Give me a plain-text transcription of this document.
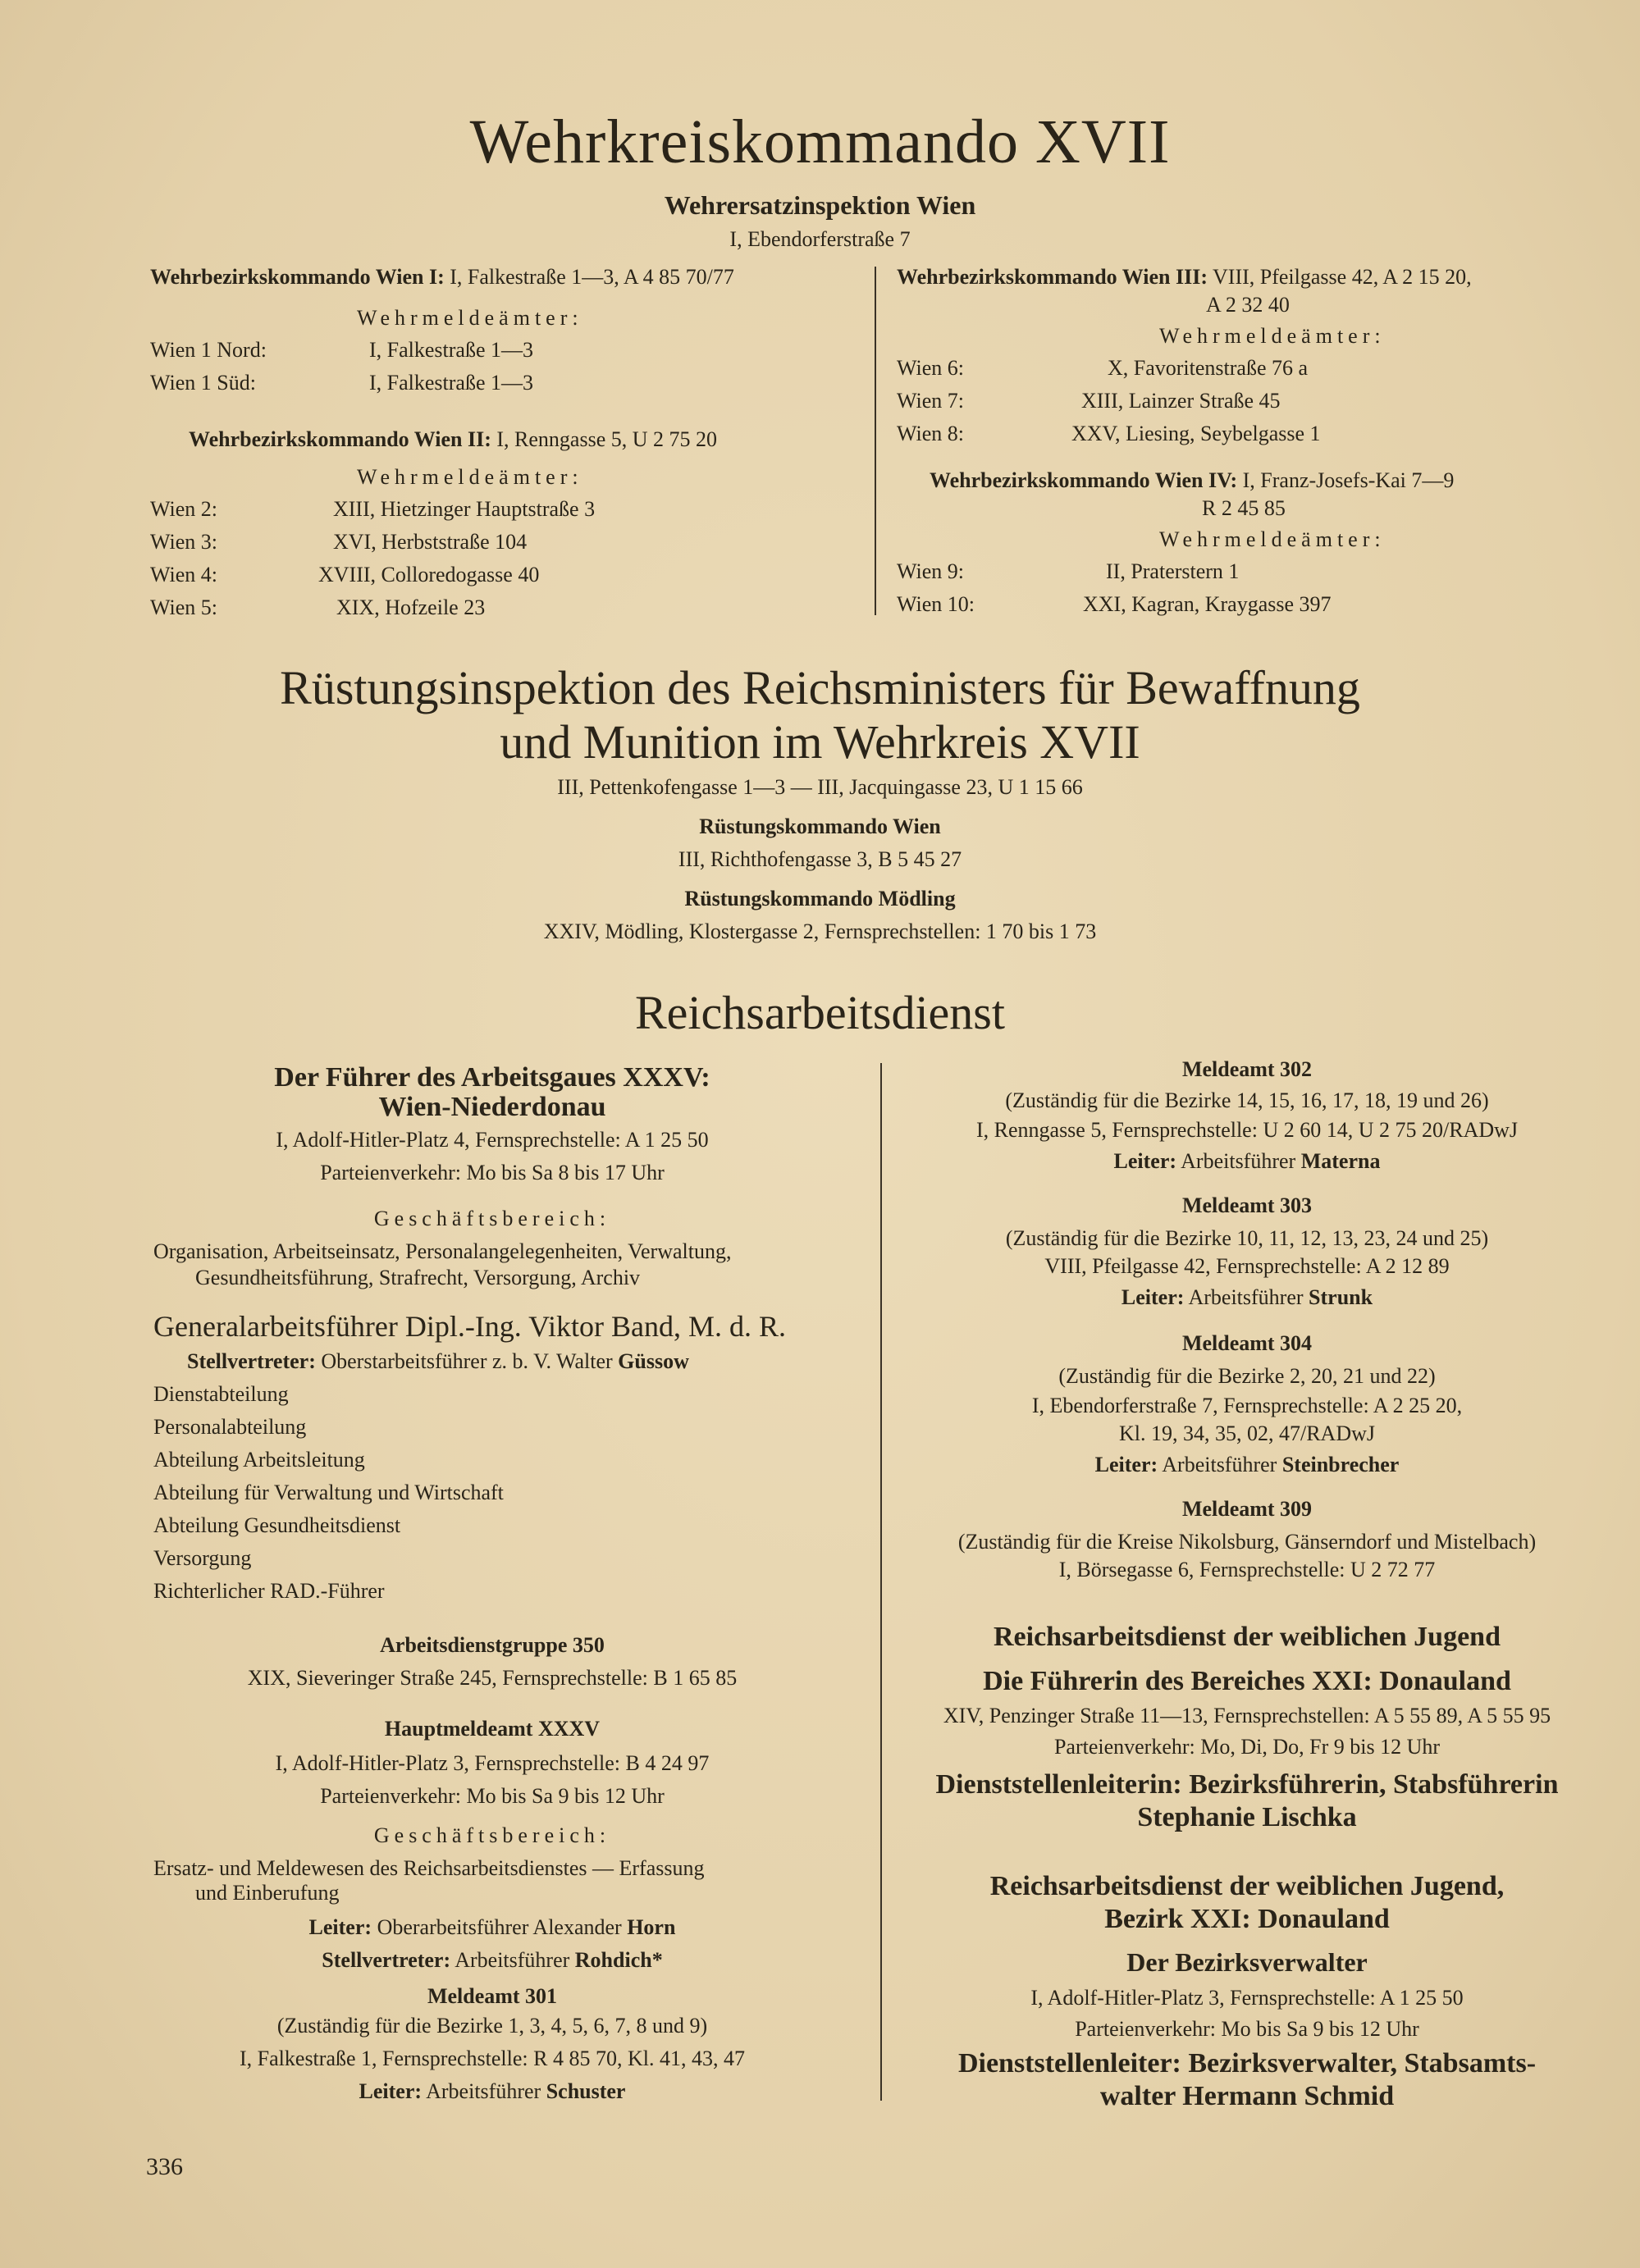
Wehrkreiskommando XVII
Wehrersatzinspektion Wien
I, Ebendorferstraße 7
Wehrbezirkskommando Wien I: I, Falkestraße 1—3, A 4 85 70/77
Wehrmeldeämter:
Wien 1 Nord:	I, Falkestraße 1—3
Wien 1 Süd:	I, Falkestraße 1—3
Wehrbezirkskommando Wien II: I, Renngasse 5, U 2 75 20
Wehrmeldeämter:
Wien 2:	XIII, Hietzinger Hauptstraße 3
Wien 3:	XVI, Herbststraße 104
Wien 4:	XVIII, Colloredogasse 40
Wien 5:	XIX, Hofzeile 23
Wehrbezirkskommando Wien III: VIII, Pfeilgasse 42, A 2 15 20,
A 2 32 40
Wehrmeldeämter:
Wien 6:	X, Favoritenstraße 76 a
Wien 7:	XIII, Lainzer Straße 45
Wien 8:	XXV, Liesing, Seybelgasse 1
Wehrbezirkskommando Wien IV: I, Franz-Josefs-Kai 7—9
R 2 45 85
Wehrmeldeämter:
Wien 9:	II, Praterstern 1
Wien 10:	XXI, Kagran, Kraygasse 397
Rüstungsinspektion des Reichsministers für Bewaffnung
und Munition im Wehrkreis XVII
III, Pettenkofengasse 1—3 — III, Jacquingasse 23, U 1 15 66
Rüstungskommando Wien
III, Richthofengasse 3, B 5 45 27
Rüstungskommando Mödling
XXIV, Mödling, Klostergasse 2, Fernsprechstellen: 1 70 bis 1 73
Reichsarbeitsdienst
Der Führer des Arbeitsgaues XXXV:
Wien-Niederdonau
I, Adolf-Hitler-Platz 4, Fernsprechstelle: A 1 25 50
Parteienverkehr: Mo bis Sa 8 bis 17 Uhr
Geschäftsbereich:
Organisation, Arbeitseinsatz, Personalangelegenheiten, Verwaltung,
Gesundheitsführung, Strafrecht, Versorgung, Archiv
Generalarbeitsführer Dipl.-Ing. Viktor Band, M. d. R.
Stellvertreter: Oberstarbeitsführer z. b. V. Walter Güssow
Dienstabteilung
Personalabteilung
Abteilung Arbeitsleitung
Abteilung für Verwaltung und Wirtschaft
Abteilung Gesundheitsdienst
Versorgung
Richterlicher RAD.-Führer
Arbeitsdienstgruppe 350
XIX, Sieveringer Straße 245, Fernsprechstelle: B 1 65 85
Hauptmeldeamt XXXV
I, Adolf-Hitler-Platz 3, Fernsprechstelle: B 4 24 97
Parteienverkehr: Mo bis Sa 9 bis 12 Uhr
Geschäftsbereich:
Ersatz- und Meldewesen des Reichsarbeitsdienstes — Erfassung
und Einberufung
Leiter: Oberarbeitsführer Alexander Horn
Stellvertreter: Arbeitsführer Rohdich*
Meldeamt 301
(Zuständig für die Bezirke 1, 3, 4, 5, 6, 7, 8 und 9)
I, Falkestraße 1, Fernsprechstelle: R 4 85 70, Kl. 41, 43, 47
Leiter: Arbeitsführer Schuster
336
Meldeamt 302
(Zuständig für die Bezirke 14, 15, 16, 17, 18, 19 und 26)
I, Renngasse 5, Fernsprechstelle: U 2 60 14, U 2 75 20/RADwJ
Leiter: Arbeitsführer Materna
Meldeamt 303
(Zuständig für die Bezirke 10, 11, 12, 13, 23, 24 und 25)
VIII, Pfeilgasse 42, Fernsprechstelle: A 2 12 89
Leiter: Arbeitsführer Strunk
Meldeamt 304
(Zuständig für die Bezirke 2, 20, 21 und 22)
I, Ebendorferstraße 7, Fernsprechstelle: A 2 25 20,
Kl. 19, 34, 35, 02, 47/RADwJ
Leiter: Arbeitsführer Steinbrecher
Meldeamt 309
(Zuständig für die Kreise Nikolsburg, Gänserndorf und Mistelbach)
I, Börsegasse 6, Fernsprechstelle: U 2 72 77
Reichsarbeitsdienst der weiblichen Jugend
Die Führerin des Bereiches XXI: Donauland
XIV, Penzinger Straße 11—13, Fernsprechstellen: A 5 55 89, A 5 55 95
Parteienverkehr: Mo, Di, Do, Fr 9 bis 12 Uhr
Dienststellenleiterin: Bezirksführerin, Stabsführerin
Stephanie Lischka
Reichsarbeitsdienst der weiblichen Jugend,
Bezirk XXI: Donauland
Der Bezirksverwalter
I, Adolf-Hitler-Platz 3, Fernsprechstelle: A 1 25 50
Parteienverkehr: Mo bis Sa 9 bis 12 Uhr
Dienststellenleiter: Bezirksverwalter, Stabsamts-
walter Hermann Schmid
